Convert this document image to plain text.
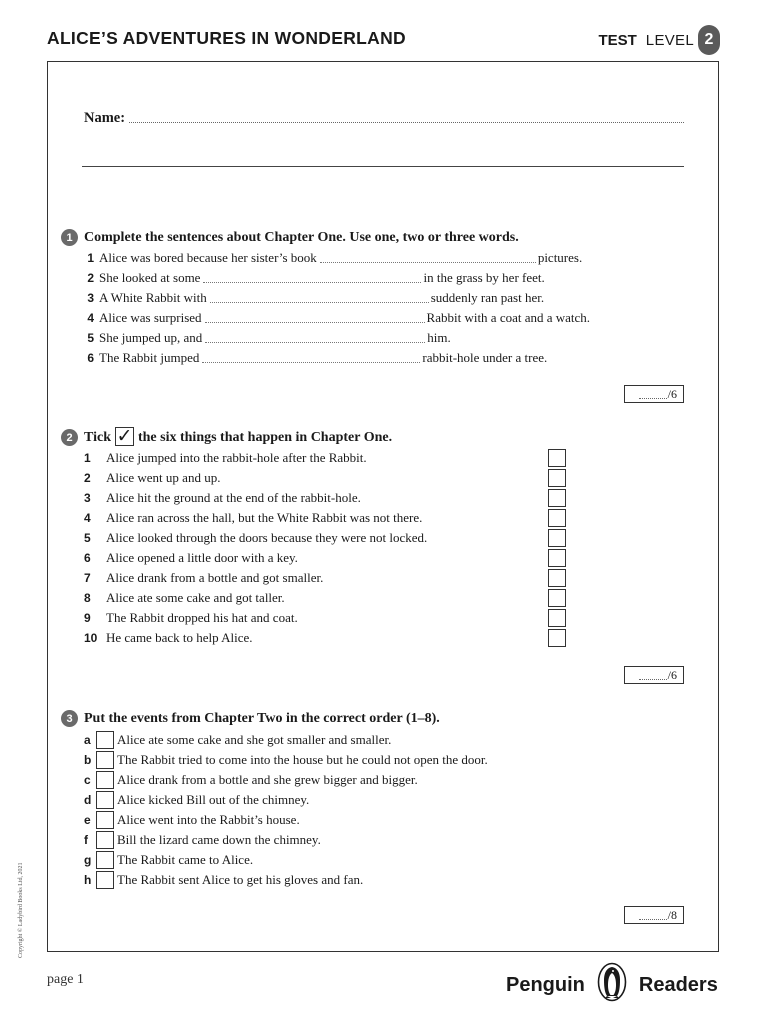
ALICE’S ADVENTURES IN WONDERLAND	TEST LEVEL 2
Name:
1 Complete the sentences about Chapter One. Use one, two or three words.
1 Alice was bored because her sister’s book	pictures.
2 She looked at some	in the grass by her feet.
3 A White Rabbit with	suddenly ran past her.
4 Alice was surprised	Rabbit with a coat and a watch.
5 She jumped up, and	him.
6 The Rabbit jumped	rabbit-hole under a tree.
/6
2 Tick ✓ the six things that happen in Chapter One.
1	Alice jumped into the rabbit-hole after the Rabbit.
2	Alice went up and up.
3	Alice hit the ground at the end of the rabbit-hole.
4	Alice ran across the hall, but the White Rabbit was not there.
5	Alice looked through the doors because they were not locked.
6	Alice opened a little door with a key.
7	Alice drank from a bottle and got smaller.
8	Alice ate some cake and got taller.
9	The Rabbit dropped his hat and coat.
10 He came back to help Alice.
/6
3 Put the events from Chapter Two in the correct order (1–8).
a	Alice ate some cake and she got smaller and smaller.
b	The Rabbit tried to come into the house but he could not open the door.
c	Alice drank from a bottle and she grew bigger and bigger.
d	Alice kicked Bill out of the chimney.
e	Alice went into the Rabbit’s house.
f	Bill the lizard came down the chimney.
g	The Rabbit came to Alice.
h	The Rabbit sent Alice to get his gloves and fan.
/8
Copyright © Ladybird Books Ltd, 2021
page 1	Penguin	Readers
